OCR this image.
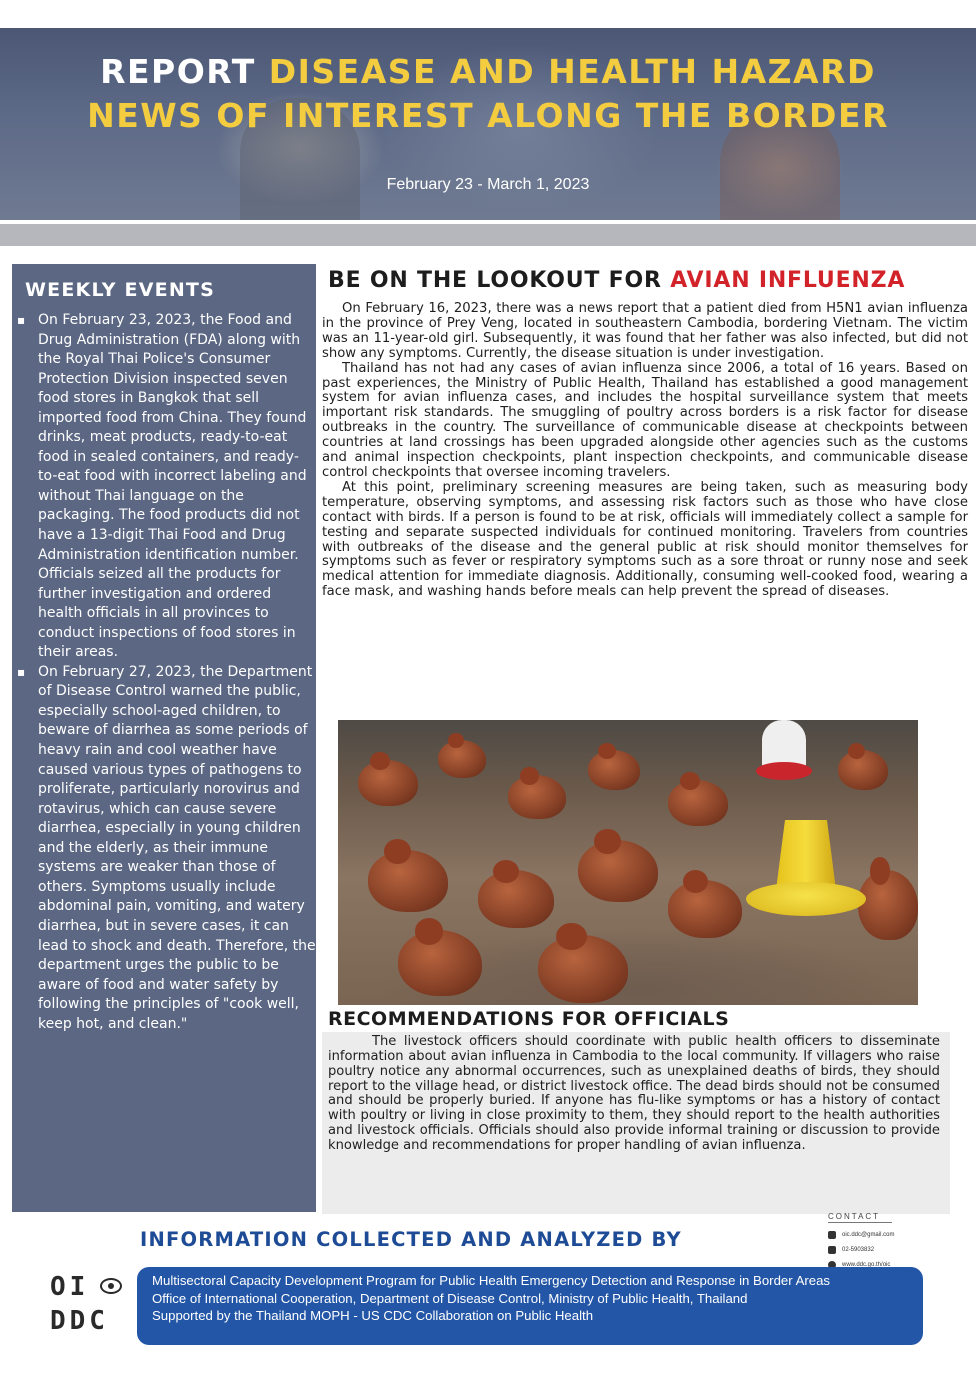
REPORT DISEASE AND HEALTH HAZARD
NEWS OF INTEREST ALONG THE BORDER
February 23 - March 1, 2023
WEEKLY EVENTS
▪ On February 23, 2023, the Food and Drug Administration (FDA) along with the Royal Thai Police's Consumer Protection Division inspected seven food stores in Bangkok that sell imported food from China. They found drinks, meat products, ready-to-eat food in sealed containers, and ready-to-eat food with incorrect labeling and without Thai language on the packaging. The food products did not have a 13-digit Thai Food and Drug Administration identification number. Officials seized all the products for further investigation and ordered health officials in all provinces to conduct inspections of food stores in their areas.
▪ On February 27, 2023, the Department of Disease Control warned the public, especially school-aged children, to beware of diarrhea as some periods of heavy rain and cool weather have caused various types of pathogens to proliferate, particularly norovirus and rotavirus, which can cause severe diarrhea, especially in young children and the elderly, as their immune systems are weaker than those of others. Symptoms usually include abdominal pain, vomiting, and watery diarrhea, but in severe cases, it can lead to shock and death. Therefore, the department urges the public to be aware of food and water safety by following the principles of "cook well, keep hot, and clean."
BE ON THE LOOKOUT FOR AVIAN INFLUENZA

On February 16, 2023, there was a news report that a patient died from H5N1 avian influenza in the province of Prey Veng, located in southeastern Cambodia, bordering Vietnam. The victim was an 11-year-old girl. Subsequently, it was found that her father was also infected, but did not show any symptoms. Currently, the disease situation is under investigation.

Thailand has not had any cases of avian influenza since 2006, a total of 16 years. Based on past experiences, the Ministry of Public Health, Thailand has established a good management system for avian influenza cases, and includes the hospital surveillance system that meets important risk standards. The smuggling of poultry across borders is a risk factor for disease outbreaks in the country. The surveillance of communicable disease at checkpoints between countries at land crossings has been upgraded alongside other agencies such as the customs and animal inspection checkpoints, plant inspection checkpoints, and communicable disease control checkpoints that oversee incoming travelers.

At this point, preliminary screening measures are being taken, such as measuring body temperature, observing symptoms, and assessing risk factors such as those who have close contact with birds. If a person is found to be at risk, officials will immediately collect a sample for testing and separate suspected individuals for continued monitoring. Travelers from countries with outbreaks of the disease and the general public at risk should monitor themselves for symptoms such as fever or respiratory symptoms such as a sore throat or runny nose and seek medical attention for immediate diagnosis. Additionally, consuming well-cooked food, wearing a face mask, and washing hands before meals can help prevent the spread of diseases.

RECOMMENDATIONS FOR OFFICIALS

The livestock officers should coordinate with public health officers to disseminate information about avian influenza in Cambodia to the local community. If villagers who raise poultry notice any abnormal occurrences, such as unexplained deaths of birds, they should report to the village head, or district livestock office. The dead birds should not be consumed and should be properly buried. If anyone has flu-like symptoms or has a history of contact with poultry or living in close proximity to them, they should report to the health authorities and livestock officials. Officials should also provide informal training or discussion to provide knowledge and recommendations for proper handling of avian influenza.

INFORMATION COLLECTED AND ANALYZED BY
CONTACT
oic.ddc@gmail.com
02-5903832
www.ddc.go.th/oic
OI
DDC
Multisectoral Capacity Development Program for Public Health Emergency Detection and Response in Border Areas
Office of International Cooperation, Department of Disease Control, Ministry of Public Health, Thailand
Supported by the Thailand MOPH - US CDC Collaboration on Public Health
